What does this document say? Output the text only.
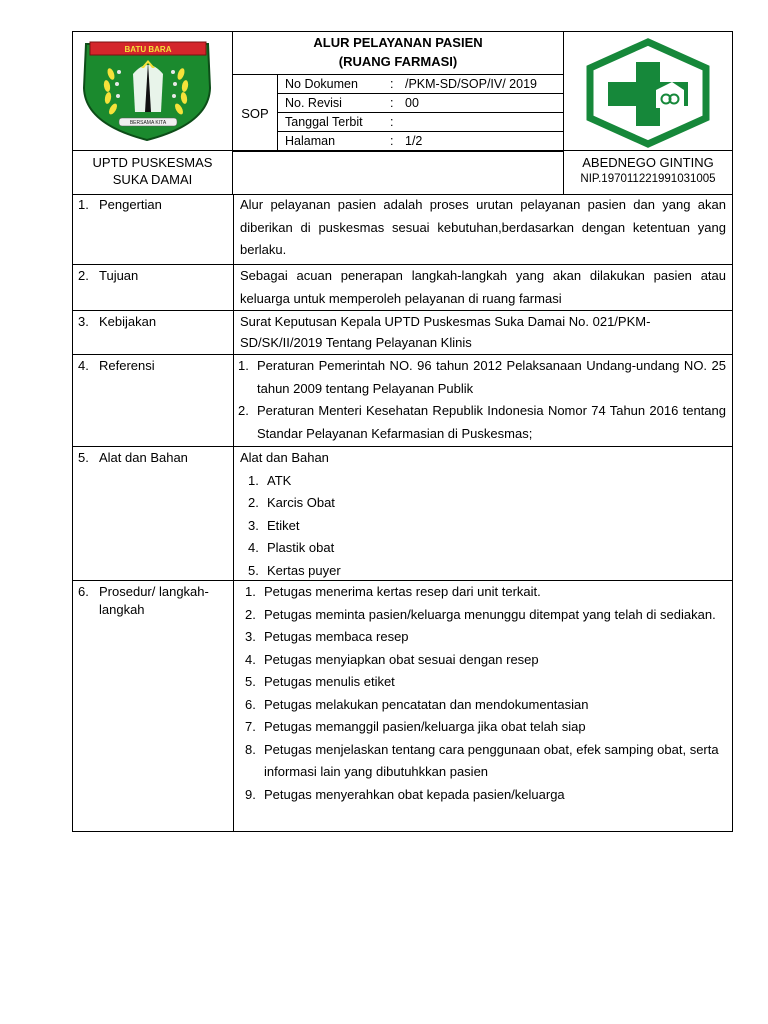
BATU BARA
BERSAMA KITA
ALUR PELAYANAN PASIEN
(RUANG FARMASI)
SOP
No Dokumen	: /PKM-SD/SOP/IV/ 2019
No. Revisi	: 00
Tanggal Terbit :
Halaman	: 1/2
UPTD PUSKESMAS
SUKA DAMAI
ABEDNEGO GINTING
NIP.197011221991031005
1. Pengertian	Alur pelayanan pasien adalah proses urutan pelayanan pasien dan yang akan diberikan di puskesmas sesuai kebutuhan,berdasarkan dengan ketentuan yang berlaku.
2. Tujuan	Sebagai acuan penerapan langkah-langkah yang akan dilakukan pasien atau keluarga untuk memperoleh pelayanan di ruang farmasi
3. Kebijakan	Surat Keputusan Kepala UPTD Puskesmas Suka Damai No. 021/PKM-SD/SK/II/2019 Tentang Pelayanan Klinis
4. Referensi	1. Peraturan Pemerintah NO. 96 tahun 2012 Pelaksanaan Undang-undang NO. 25 tahun 2009 tentang Pelayanan Publik
2. Peraturan Menteri Kesehatan Republik Indonesia Nomor 74 Tahun 2016 tentang Standar Pelayanan Kefarmasian di Puskesmas;
5. Alat dan Bahan	Alat dan Bahan
1. ATK
2. Karcis Obat
3. Etiket
4. Plastik obat
5. Kertas puyer
6. Prosedur/ langkah-langkah
1. Petugas menerima kertas resep dari unit terkait.
2. Petugas meminta pasien/keluarga menunggu ditempat yang telah di sediakan.
3. Petugas membaca resep
4. Petugas menyiapkan obat sesuai dengan resep
5. Petugas menulis etiket
6. Petugas melakukan pencatatan dan mendokumentasian
7. Petugas memanggil pasien/keluarga jika obat telah siap
8. Petugas menjelaskan tentang cara penggunaan obat, efek samping obat, serta informasi lain yang dibutuhkkan pasien
9. Petugas menyerahkan obat kepada pasien/keluarga
